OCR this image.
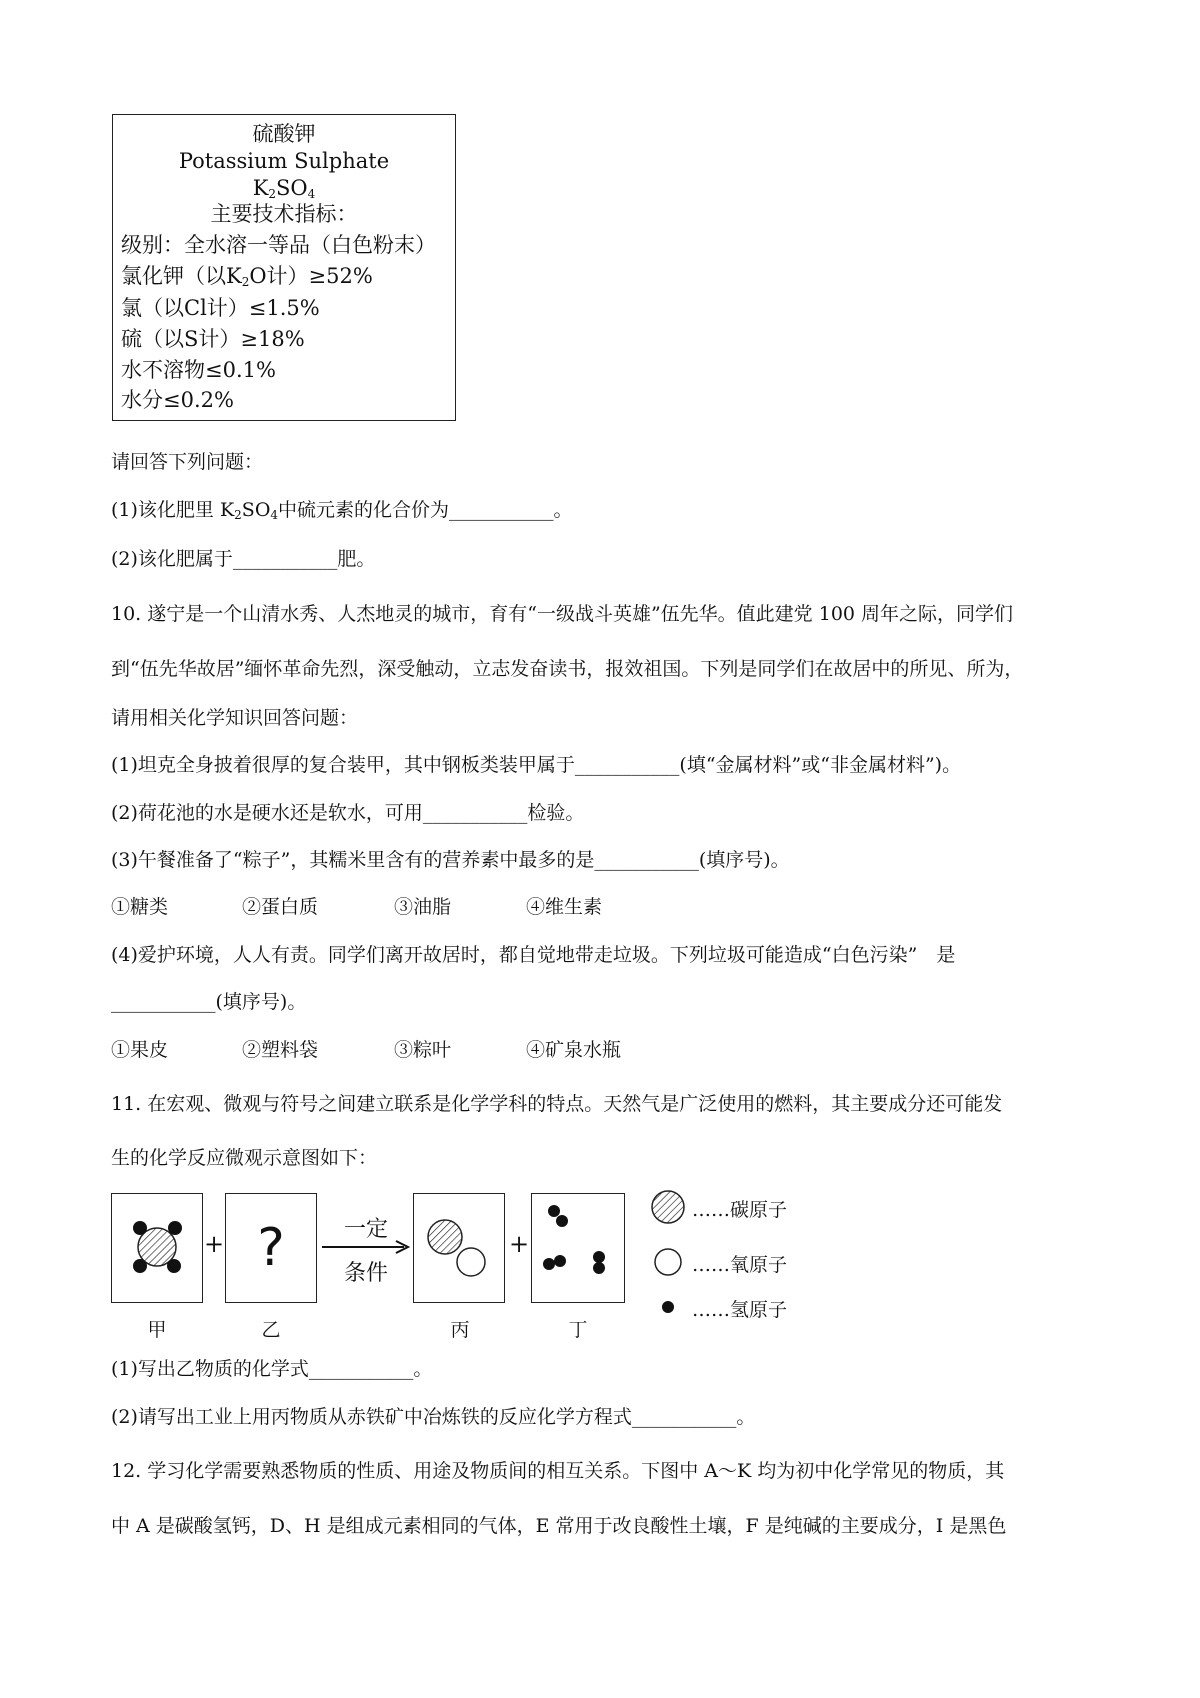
硫酸钾
Potassium Sulphate
$K_2SO_4$
主要技术指标：
级别：全水溶一等品（白色粉末）
氯化钾（以$K_2O$计）≥52%
氯（以Cl计）≤1.5%
硫（以S计）≥18%
水不溶物≤0.1%
水分≤0.2%
请回答下列问题：
(1)该化肥里 $K_2SO_4$中硫元素的化合价为___________。
(2)该化肥属于___________肥。
10. 遂宁是一个山清水秀、人杰地灵的城市，育有“一级战斗英雄”伍先华。值此建党 100 周年之际，同学们
到“伍先华故居”缅怀革命先烈，深受触动，立志发奋读书，报效祖国。下列是同学们在故居中的所见、所为，
请用相关化学知识回答问题：
(1)坦克全身披着很厚的复合装甲，其中钢板类装甲属于___________(填“金属材料”或“非金属材料”)。
(2)荷花池的水是硬水还是软水，可用___________检验。
(3)午餐准备了“粽子”，其糯米里含有的营养素中最多的是___________(填序号)。
①糖类	②蛋白质	③油脂	④维生素
(4)爱护环境，人人有责。同学们离开故居时，都自觉地带走垃圾。下列垃圾可能造成“白色污染”　是
___________(填序号)。
①果皮	②塑料袋	③粽叶	④矿泉水瓶
11. 在宏观、微观与符号之间建立联系是化学学科的特点。天然气是广泛使用的燃料，其主要成分还可能发
生的化学反应微观示意图如下：
+ ?	一定
条件
+
甲	乙	丙	丁
……碳原子
……氧原子
……氢原子
(1)写出乙物质的化学式___________。
(2)请写出工业上用丙物质从赤铁矿中冶炼铁的反应化学方程式___________。
12. 学习化学需要熟悉物质的性质、用途及物质间的相互关系。下图中 A～K 均为初中化学常见的物质，其
中 A 是碳酸氢钙，D、H 是组成元素相同的气体，E 常用于改良酸性土壤，F 是纯碱的主要成分，I 是黑色
